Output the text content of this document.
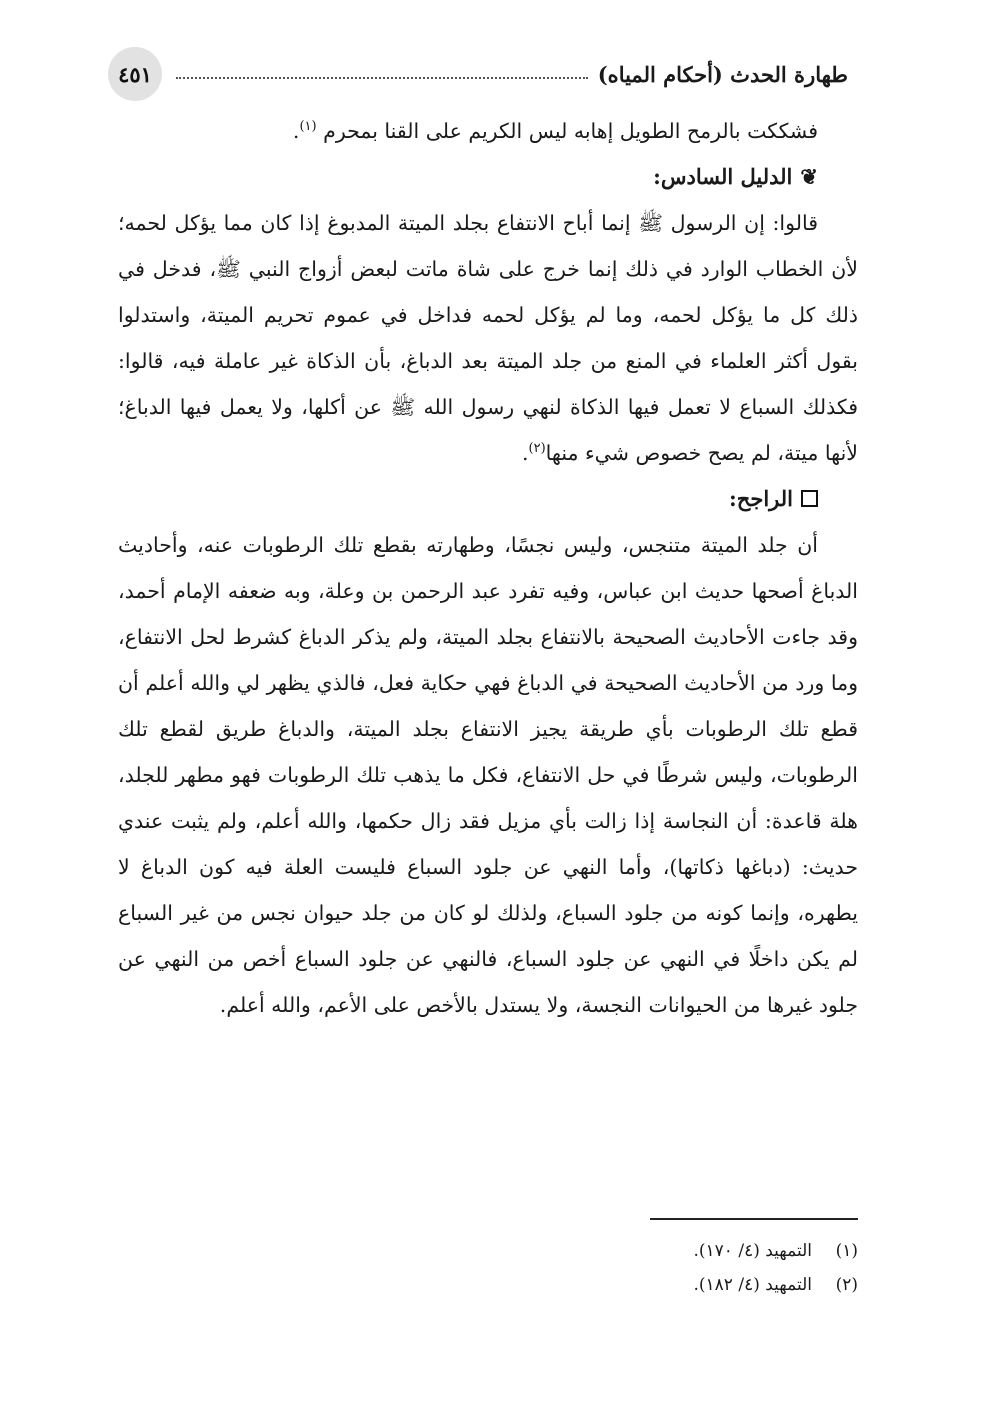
طهارة الحدث (أحكام المياه)
٤٥١

فشككت بالرمح الطويل إهابه ليس الكريم على القنا بمحرم $^{(١)}$.

❦الدليل السادس:

قالوا: إن الرسول ﷺ إنما أباح الانتفاع بجلد الميتة المدبوغ إذا كان مما يؤكل لحمه؛ لأن الخطاب الوارد في ذلك إنما خرج على شاة ماتت لبعض أزواج النبي ﷺ، فدخل في ذلك كل ما يؤكل لحمه، وما لم يؤكل لحمه فداخل في عموم تحريم الميتة، واستدلوا بقول أكثر العلماء في المنع من جلد الميتة بعد الدباغ، بأن الذكاة غير عاملة فيه، قالوا: فكذلك السباع لا تعمل فيها الذكاة لنهي رسول الله ﷺ عن أكلها، ولا يعمل فيها الدباغ؛ لأنها ميتة، لم يصح خصوص شيء منها$^{(٢)}$.

الراجح:

أن جلد الميتة متنجس، وليس نجسًا، وطهارته بقطع تلك الرطوبات عنه، وأحاديث الدباغ أصحها حديث ابن عباس، وفيه تفرد عبد الرحمن بن وعلة، وبه ضعفه الإمام أحمد، وقد جاءت الأحاديث الصحيحة بالانتفاع بجلد الميتة، ولم يذكر الدباغ كشرط لحل الانتفاع، وما ورد من الأحاديث الصحيحة في الدباغ فهي حكاية فعل، فالذي يظهر لي والله أعلم أن قطع تلك الرطوبات بأي طريقة يجيز الانتفاع بجلد الميتة، والدباغ طريق لقطع تلك الرطوبات، وليس شرطًا في حل الانتفاع، فكل ما يذهب تلك الرطوبات فهو مطهر للجلد، هلة قاعدة: أن النجاسة إذا زالت بأي مزيل فقد زال حكمها، والله أعلم، ولم يثبت عندي حديث: (دباغها ذكاتها)، وأما النهي عن جلود السباع فليست العلة فيه كون الدباغ لا يطهره، وإنما كونه من جلود السباع، ولذلك لو كان من جلد حيوان نجس من غير السباع لم يكن داخلًا في النهي عن جلود السباع، فالنهي عن جلود السباع أخص من النهي عن جلود غيرها من الحيوانات النجسة، ولا يستدل بالأخص على الأعم، والله أعلم.

(١)
التمهيد (٤/ ١٧٠).
(٢)
التمهيد (٤/ ١٨٢).
